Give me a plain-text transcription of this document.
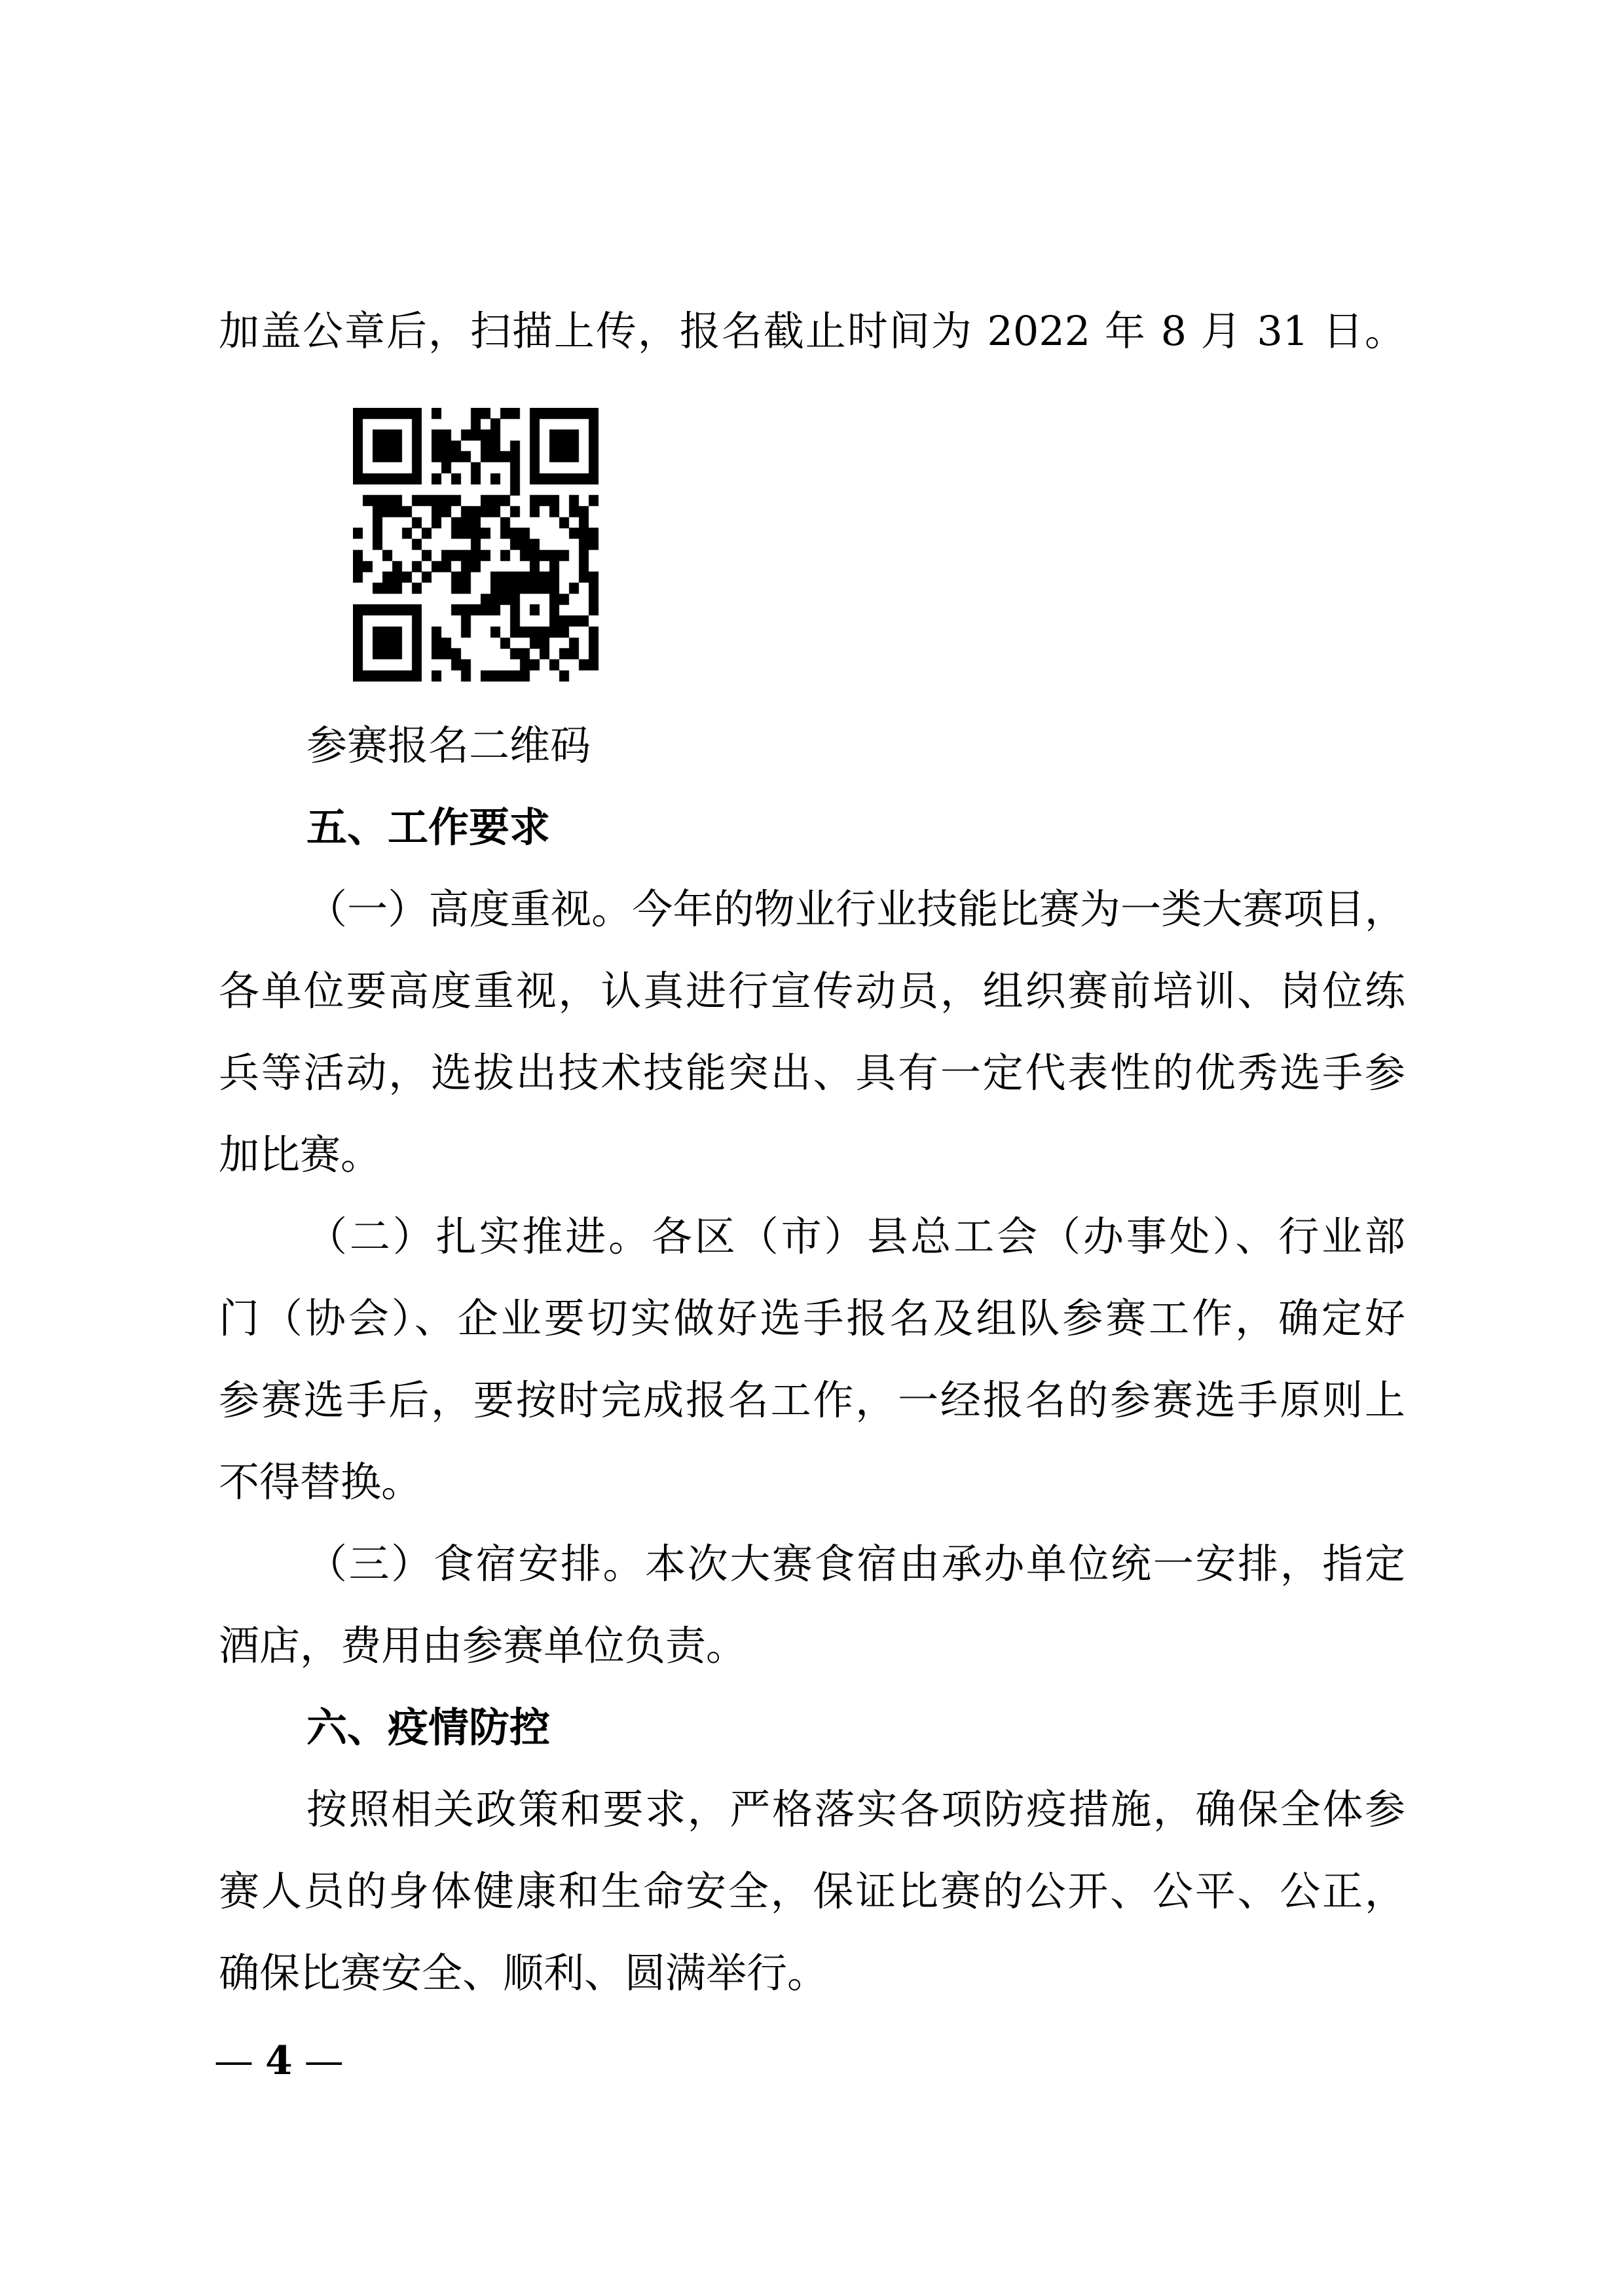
加盖公章后，扫描上传，报名截止时间为 2022 年 8 月 31 日。
参赛报名二维码
五、工作要求
（一）高度重视。今年的物业行业技能比赛为一类大赛项目，
各单位要高度重视，认真进行宣传动员，组织赛前培训、岗位练
兵等活动，选拔出技术技能突出、具有一定代表性的优秀选手参
加比赛。
（二）扎实推进。各区（市）县总工会（办事处）、行业部
门（协会）、企业要切实做好选手报名及组队参赛工作，确定好
参赛选手后，要按时完成报名工作，一经报名的参赛选手原则上
不得替换。
（三）食宿安排。本次大赛食宿由承办单位统一安排，指定
酒店，费用由参赛单位负责。
六、疫情防控
按照相关政策和要求，严格落实各项防疫措施，确保全体参
赛人员的身体健康和生命安全，保证比赛的公开、公平、公正，
确保比赛安全、顺利、圆满举行。
— 4 —
